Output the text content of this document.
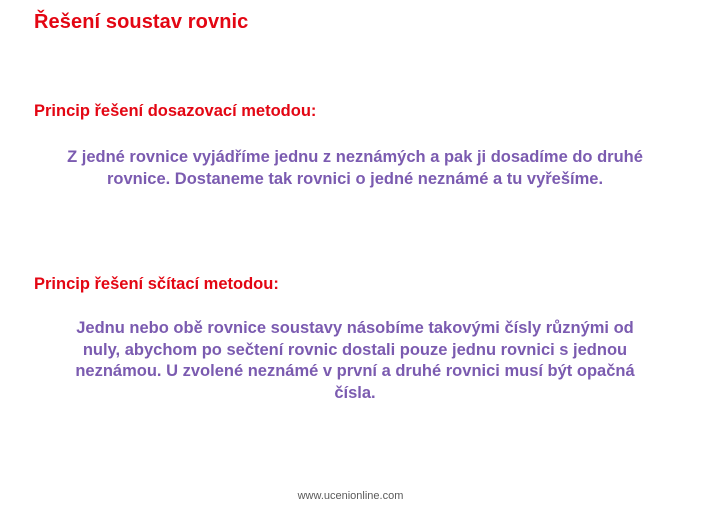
Řešení soustav rovnic
Princip řešení dosazovací metodou:

Z jedné rovnice vyjádříme jednu z neznámých a pak ji dosadíme do druhé
rovnice. Dostaneme tak rovnici o jedné neznámé a tu vyřešíme.

Princip řešení sčítací metodou:

Jednu nebo obě rovnice soustavy násobíme takovými čísly různými od
nuly, abychom po sečtení rovnic dostali pouze jednu rovnici s jednou
neznámou. U zvolené neznámé v první a druhé rovnici musí být opačná
čísla.

www.ucenionline.com
